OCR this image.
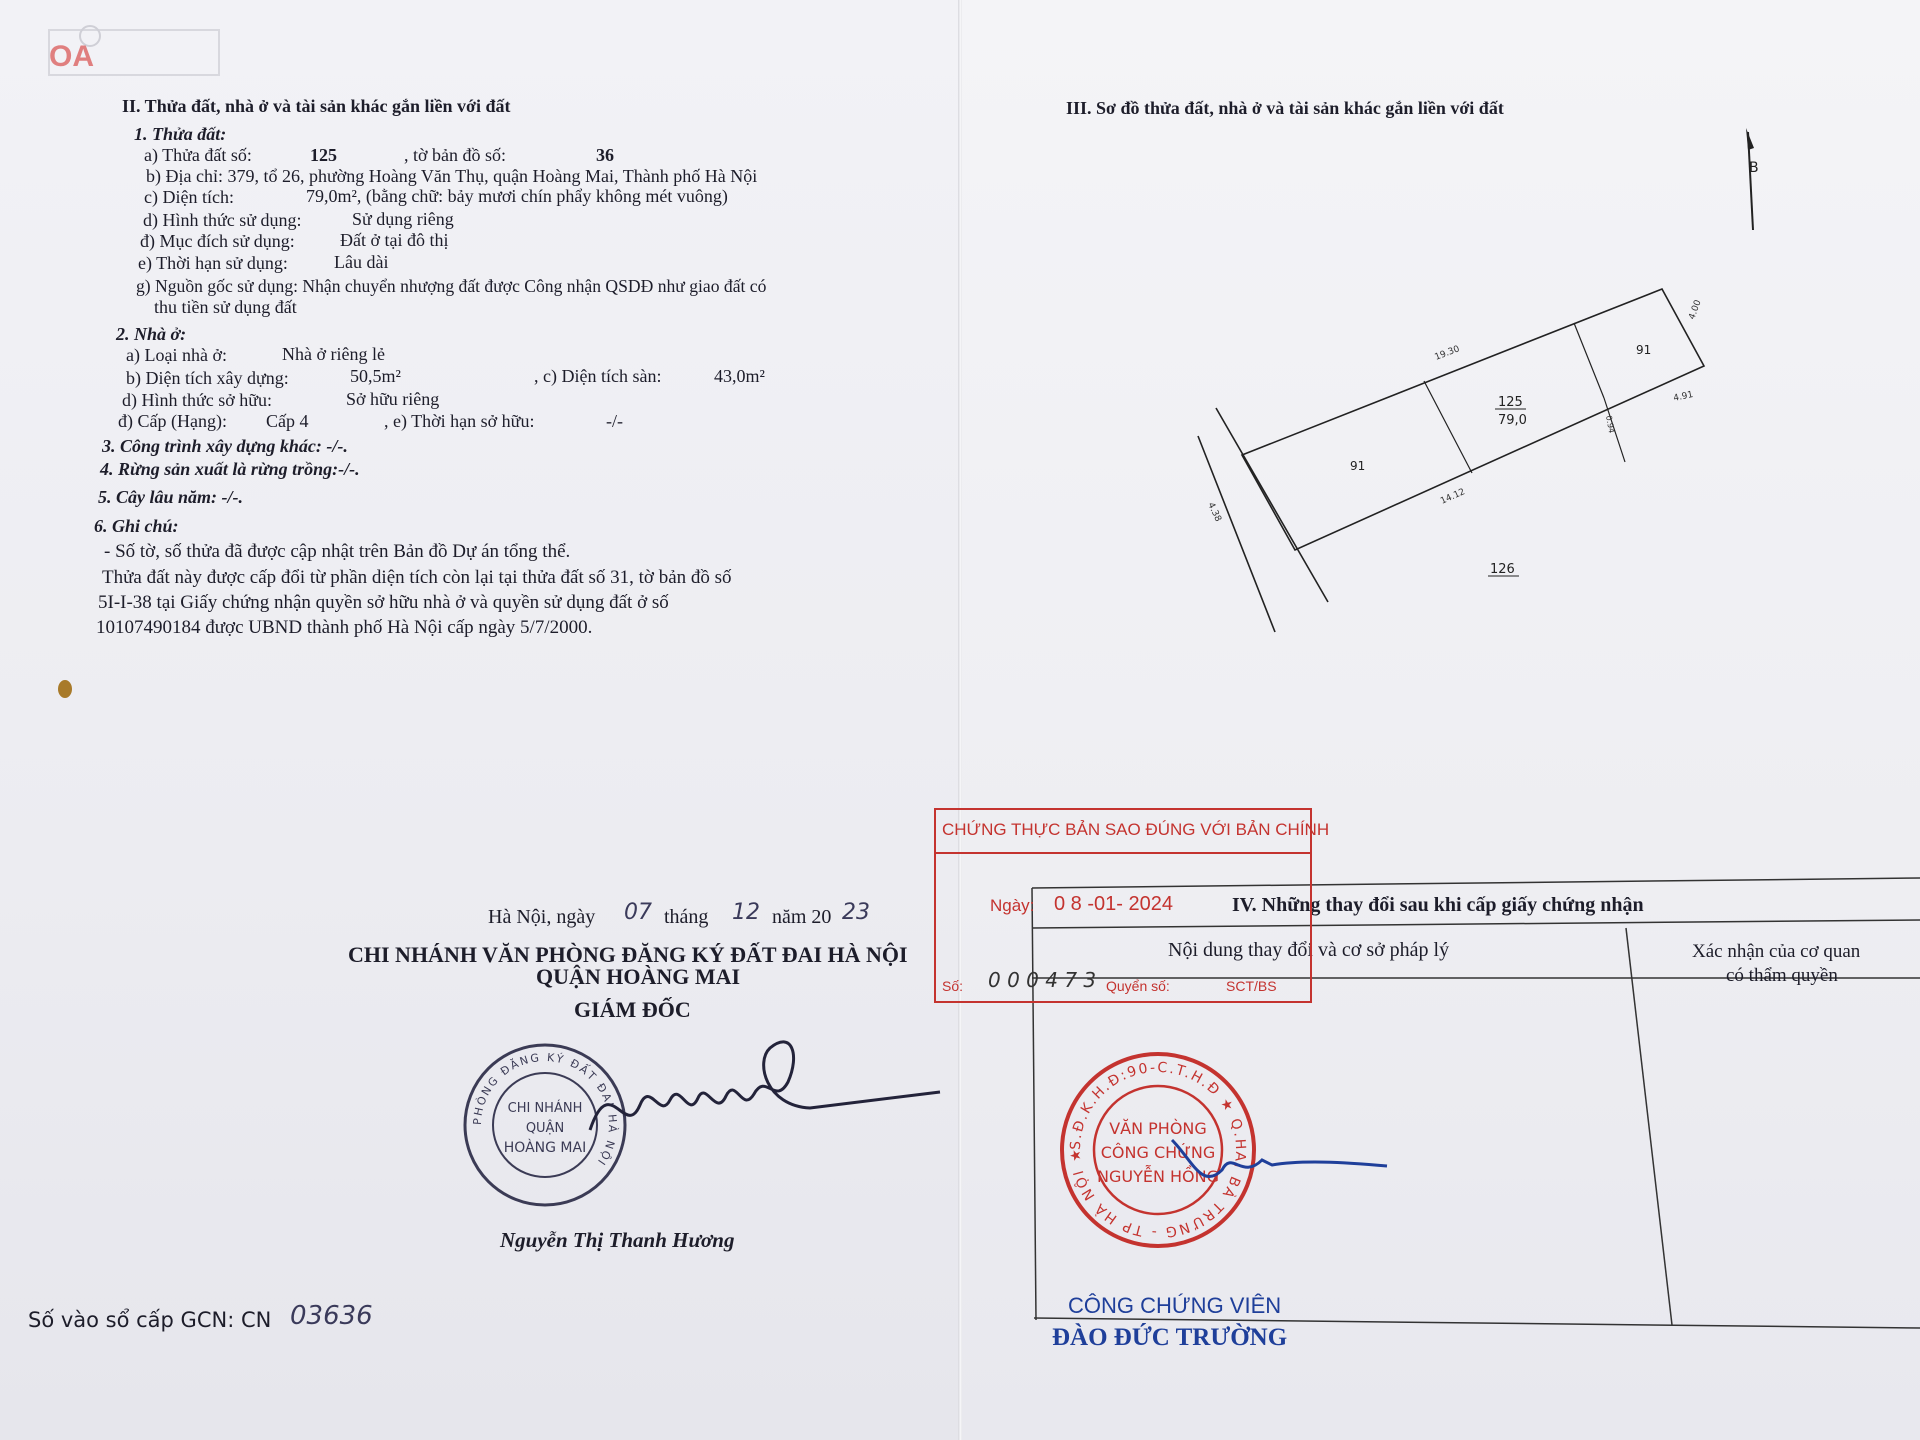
OA
II. Thửa đất, nhà ở và tài sản khác gắn liền với đất
1. Thửa đất:
a) Thửa đất số:	125	, tờ bản đồ số:	36
b) Địa chỉ: 379, tổ 26, phường Hoàng Văn Thụ, quận Hoàng Mai, Thành phố Hà Nội
c) Diện tích:	79,0m², (bằng chữ: bảy mươi chín phẩy không mét vuông)
d) Hình thức sử dụng:	Sử dụng riêng
đ) Mục đích sử dụng:	Đất ở tại đô thị
e) Thời hạn sử dụng:	Lâu dài
g) Nguồn gốc sử dụng: Nhận chuyển nhượng đất được Công nhận QSDĐ như giao đất có
thu tiền sử dụng đất
2. Nhà ở:
a) Loại nhà ở:	Nhà ở riêng lẻ
b) Diện tích xây dựng:	50,5m²	, c) Diện tích sàn:	43,0m²
d) Hình thức sở hữu:	Sở hữu riêng
đ) Cấp (Hạng): Cấp 4	, e) Thời hạn sở hữu:	-/-
3. Công trình xây dựng khác: -/-.
4. Rừng sản xuất là rừng trồng:-/-.
5. Cây lâu năm: -/-.
6. Ghi chú:
- Số tờ, số thửa đã được cập nhật trên Bản đồ Dự án tổng thể.
Thửa đất này được cấp đổi từ phần diện tích còn lại tại thửa đất số 31, tờ bản đồ số
5I-I-38 tại Giấy chứng nhận quyền sở hữu nhà ở và quyền sử dụng đất ở số
10107490184 được UBND thành phố Hà Nội cấp ngày 5/7/2000.
Hà Nội, ngày 07 tháng 12 năm 20 23
CHI NHÁNH VĂN PHÒNG ĐĂNG KÝ ĐẤT ĐAI HÀ NỘI
QUẬN HOÀNG MAI
GIÁM ĐỐC
PHÒNG ĐĂNG KÝ ĐẤT ĐAI HÀ NỘI
CHI NHÁNH
QUẬN
HOÀNG MAI
Nguyễn Thị Thanh Hương
Số vào sổ cấp GCN: CN 03636
III. Sơ đồ thửa đất, nhà ở và tài sản khác gắn liền với đất
B
125
79,0
91
91
126
19.30
14.12
4.38
4.00
4.91
0.94
IV. Những thay đổi sau khi cấp giấy chứng nhận
Nội dung thay đổi và cơ sở pháp lý	Xác nhận của cơ quan
có thẩm quyền
CHỨNG THỰC BẢN SAO ĐÚNG VỚI BẢN CHÍNH
Ngày: 0 8 -01- 2024
Số: 0 0 0 4 7 3 Quyển số:	SCT/BS
S.Đ.K.H.Đ:90-C.T.H.Đ ★ Q.HAI BÀ TRƯNG - TP HÀ NỘI ★
VĂN PHÒNG
CÔNG CHỨNG
NGUYỄN HỒNG
CÔNG CHỨNG VIÊN
ĐÀO ĐỨC TRƯỜNG
